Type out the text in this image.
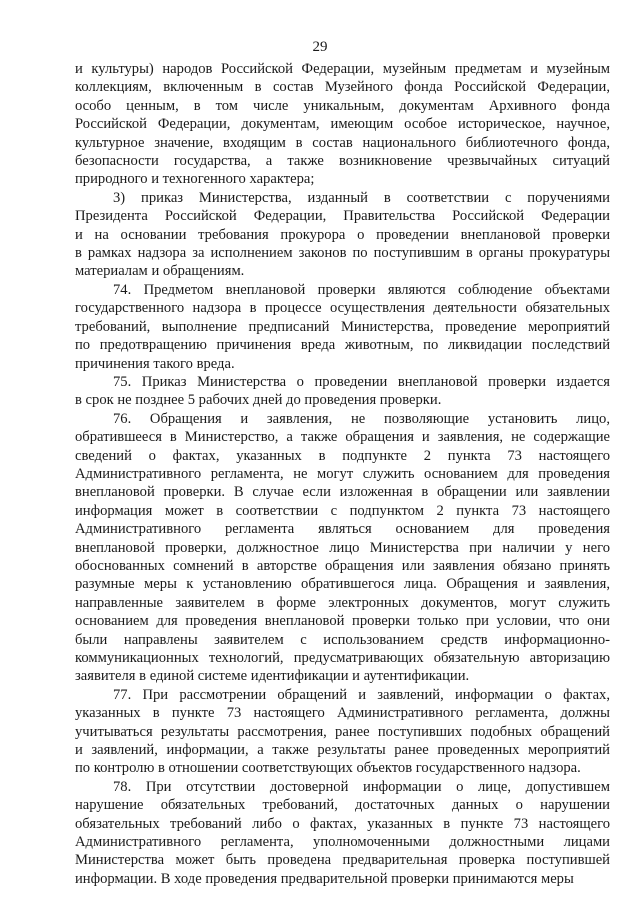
29

и культуры) народов Российской Федерации, музейным предметам и музейным
коллекциям, включенным в состав Музейного фонда Российской Федерации,
особо ценным, в том числе уникальным, документам Архивного фонда
Российской Федерации, документам, имеющим особое историческое, научное,
культурное значение, входящим в состав национального библиотечного фонда,
безопасности государства, а также возникновение чрезвычайных ситуаций
природного и техногенного характера;

3) приказ Министерства, изданный в соответствии с поручениями
Президента Российской Федерации, Правительства Российской Федерации
и на основании требования прокурора о проведении внеплановой проверки
в рамках надзора за исполнением законов по поступившим в органы прокуратуры
материалам и обращениям.

74. Предметом внеплановой проверки являются соблюдение объектами
государственного надзора в процессе осуществления деятельности обязательных
требований, выполнение предписаний Министерства, проведение мероприятий
по предотвращению причинения вреда животным, по ликвидации последствий
причинения такого вреда.

75. Приказ Министерства о проведении внеплановой проверки издается
в срок не позднее 5 рабочих дней до проведения проверки.

76. Обращения и заявления, не позволяющие установить лицо,
обратившееся в Министерство, а также обращения и заявления, не содержащие
сведений о фактах, указанных в подпункте 2 пункта 73 настоящего
Административного регламента, не могут служить основанием для проведения
внеплановой проверки. В случае если изложенная в обращении или заявлении
информация может в соответствии с подпунктом 2 пункта 73 настоящего
Административного регламента являться основанием для проведения
внеплановой проверки, должностное лицо Министерства при наличии у него
обоснованных сомнений в авторстве обращения или заявления обязано принять
разумные меры к установлению обратившегося лица. Обращения и заявления,
направленные заявителем в форме электронных документов, могут служить
основанием для проведения внеплановой проверки только при условии, что они
были направлены заявителем с использованием средств информационно-
коммуникационных технологий, предусматривающих обязательную авторизацию
заявителя в единой системе идентификации и аутентификации.

77. При рассмотрении обращений и заявлений, информации о фактах,
указанных в пункте 73 настоящего Административного регламента, должны
учитываться результаты рассмотрения, ранее поступивших подобных обращений
и заявлений, информации, а также результаты ранее проведенных мероприятий
по контролю в отношении соответствующих объектов государственного надзора.

78. При отсутствии достоверной информации о лице, допустившем
нарушение обязательных требований, достаточных данных о нарушении
обязательных требований либо о фактах, указанных в пункте 73 настоящего
Административного регламента, уполномоченными должностными лицами
Министерства может быть проведена предварительная проверка поступившей
информации. В ходе проведения предварительной проверки принимаются меры
